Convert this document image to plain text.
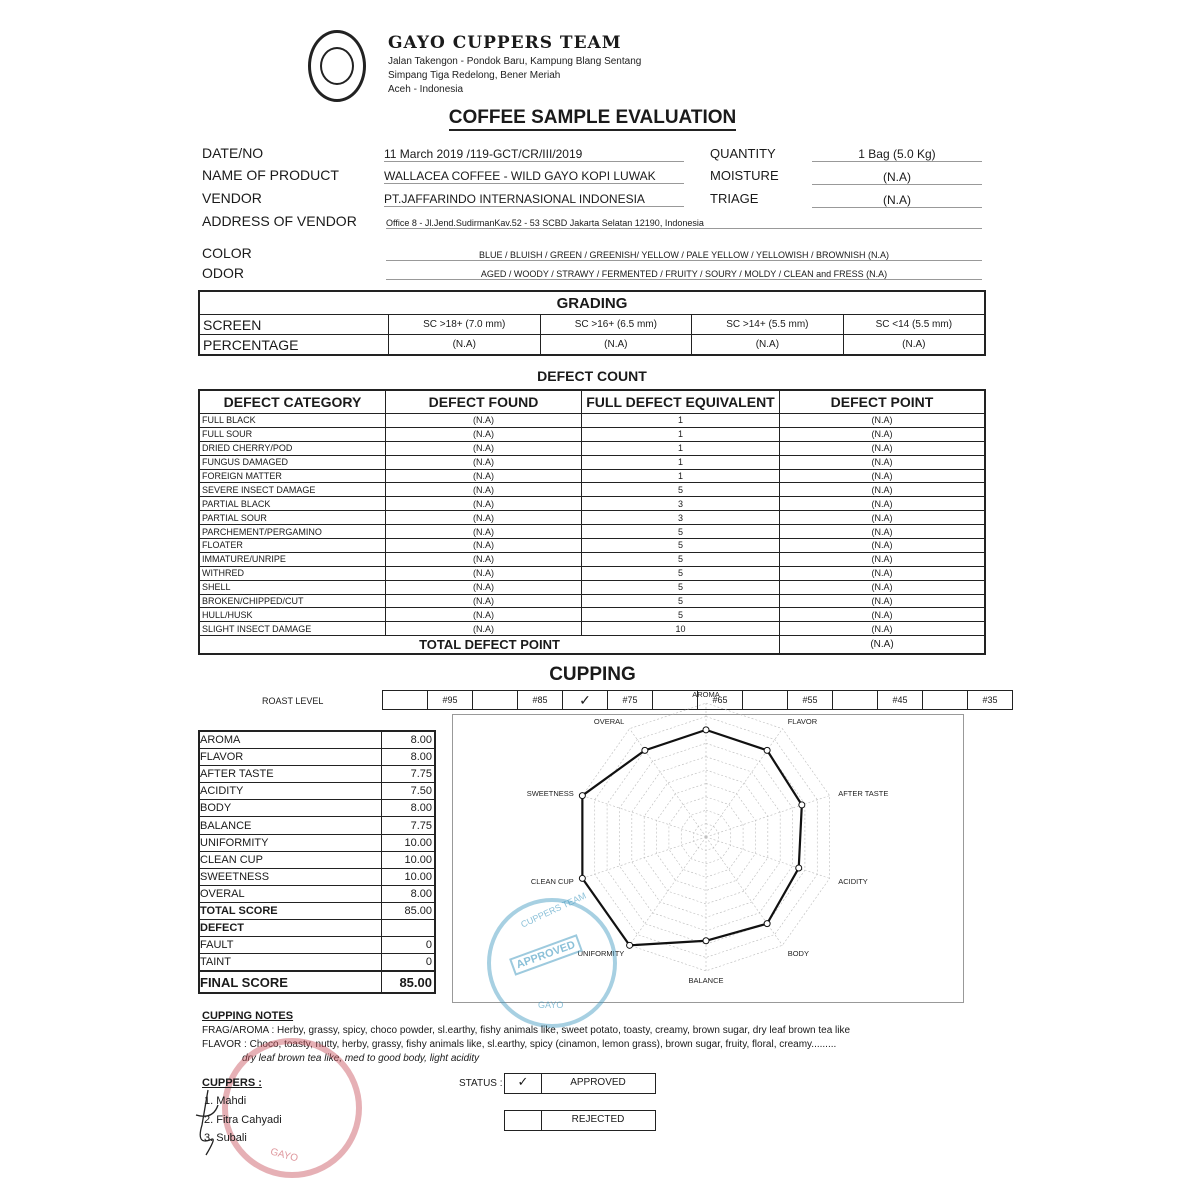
GAYO CUPPERS TEAM
Jalan Takengon - Pondok Baru, Kampung Blang Sentang
Simpang Tiga Redelong, Bener Meriah
Aceh - Indonesia
COFFEE SAMPLE EVALUATION
DATE/NO	11 March 2019 /119-GCT/CR/III/2019
NAME OF PRODUCT	WALLACEA COFFEE - WILD GAYO KOPI LUWAK
VENDOR	PT.JAFFARINDO INTERNASIONAL INDONESIA
ADDRESS OF VENDOR	Office 8 - Jl.Jend.SudirmanKav.52 - 53 SCBD Jakarta Selatan 12190, Indonesia
QUANTITY	1 Bag (5.0 Kg)
MOISTURE	(N.A)
TRIAGE	(N.A)
COLOR	BLUE / BLUISH / GREEN / GREENISH/ YELLOW / PALE YELLOW / YELLOWISH / BROWNISH (N.A)
ODOR	AGED / WOODY / STRAWY / FERMENTED / FRUITY / SOURY / MOLDY / CLEAN and FRESS (N.A)
GRADING				
SCREEN	SC >18+ (7.0 mm)	SC >16+ (6.5 mm)	SC >14+ (5.5 mm)	SC <14 (5.5 mm)
PERCENTAGE	(N.A)	(N.A)	(N.A)	(N.A)
DEFECT COUNT
DEFECT CATEGORY	DEFECT FOUND	FULL DEFECT EQUIVALENT	DEFECT POINT
FULL BLACK	(N.A)	1	(N.A)
FULL SOUR	(N.A)	1	(N.A)
DRIED CHERRY/POD	(N.A)	1	(N.A)
FUNGUS DAMAGED	(N.A)	1	(N.A)
FOREIGN MATTER	(N.A)	1	(N.A)
SEVERE INSECT DAMAGE	(N.A)	5	(N.A)
PARTIAL BLACK	(N.A)	3	(N.A)
PARTIAL SOUR	(N.A)	3	(N.A)
PARCHEMENT/PERGAMINO	(N.A)	5	(N.A)
FLOATER	(N.A)	5	(N.A)
IMMATURE/UNRIPE	(N.A)	5	(N.A)
WITHRED	(N.A)	5	(N.A)
SHELL	(N.A)	5	(N.A)
BROKEN/CHIPPED/CUT	(N.A)	5	(N.A)
HULL/HUSK	(N.A)	5	(N.A)
SLIGHT INSECT DAMAGE	(N.A)	10	(N.A)
TOTAL DEFECT POINT			(N.A)
CUPPING
ROAST LEVEL
		#95		#85	✓	#75		#65		#55		#45		#35
AROMA	8.00
FLAVOR	8.00
AFTER TASTE	7.75
ACIDITY	7.50
BODY	8.00
BALANCE	7.75
UNIFORMITY	10.00
CLEAN CUP	10.00
SWEETNESS	10.00
OVERAL	8.00
TOTAL SCORE	85.00
DEFECT	
FAULT	0
TAINT	0
FINAL SCORE	85.00
AROMA
FLAVOR
AFTER TASTE
ACIDITY
BODY
BALANCE
UNIFORMITY
CLEAN CUP
SWEETNESS
OVERAL
APPROVED
CUPPERS TEAM
GAYO
CUPPING NOTES
FRAG/AROMA : Herby, grassy, spicy, choco powder, sl.earthy, fishy animals like, sweet potato, toasty, creamy, brown sugar, dry leaf brown tea like
FLAVOR : Choco, toasty, nutty, herby, grassy, fishy animals like, sl.earthy, spicy (cinamon, lemon grass), brown sugar, fruity, floral, creamy.........
dry leaf brown tea like, med to good body, light acidity
GAYO
CUPPERS :
1. Mahdi
2. Fitra Cahyadi
3. Subali
STATUS :	✓	APPROVED
REJECTED
